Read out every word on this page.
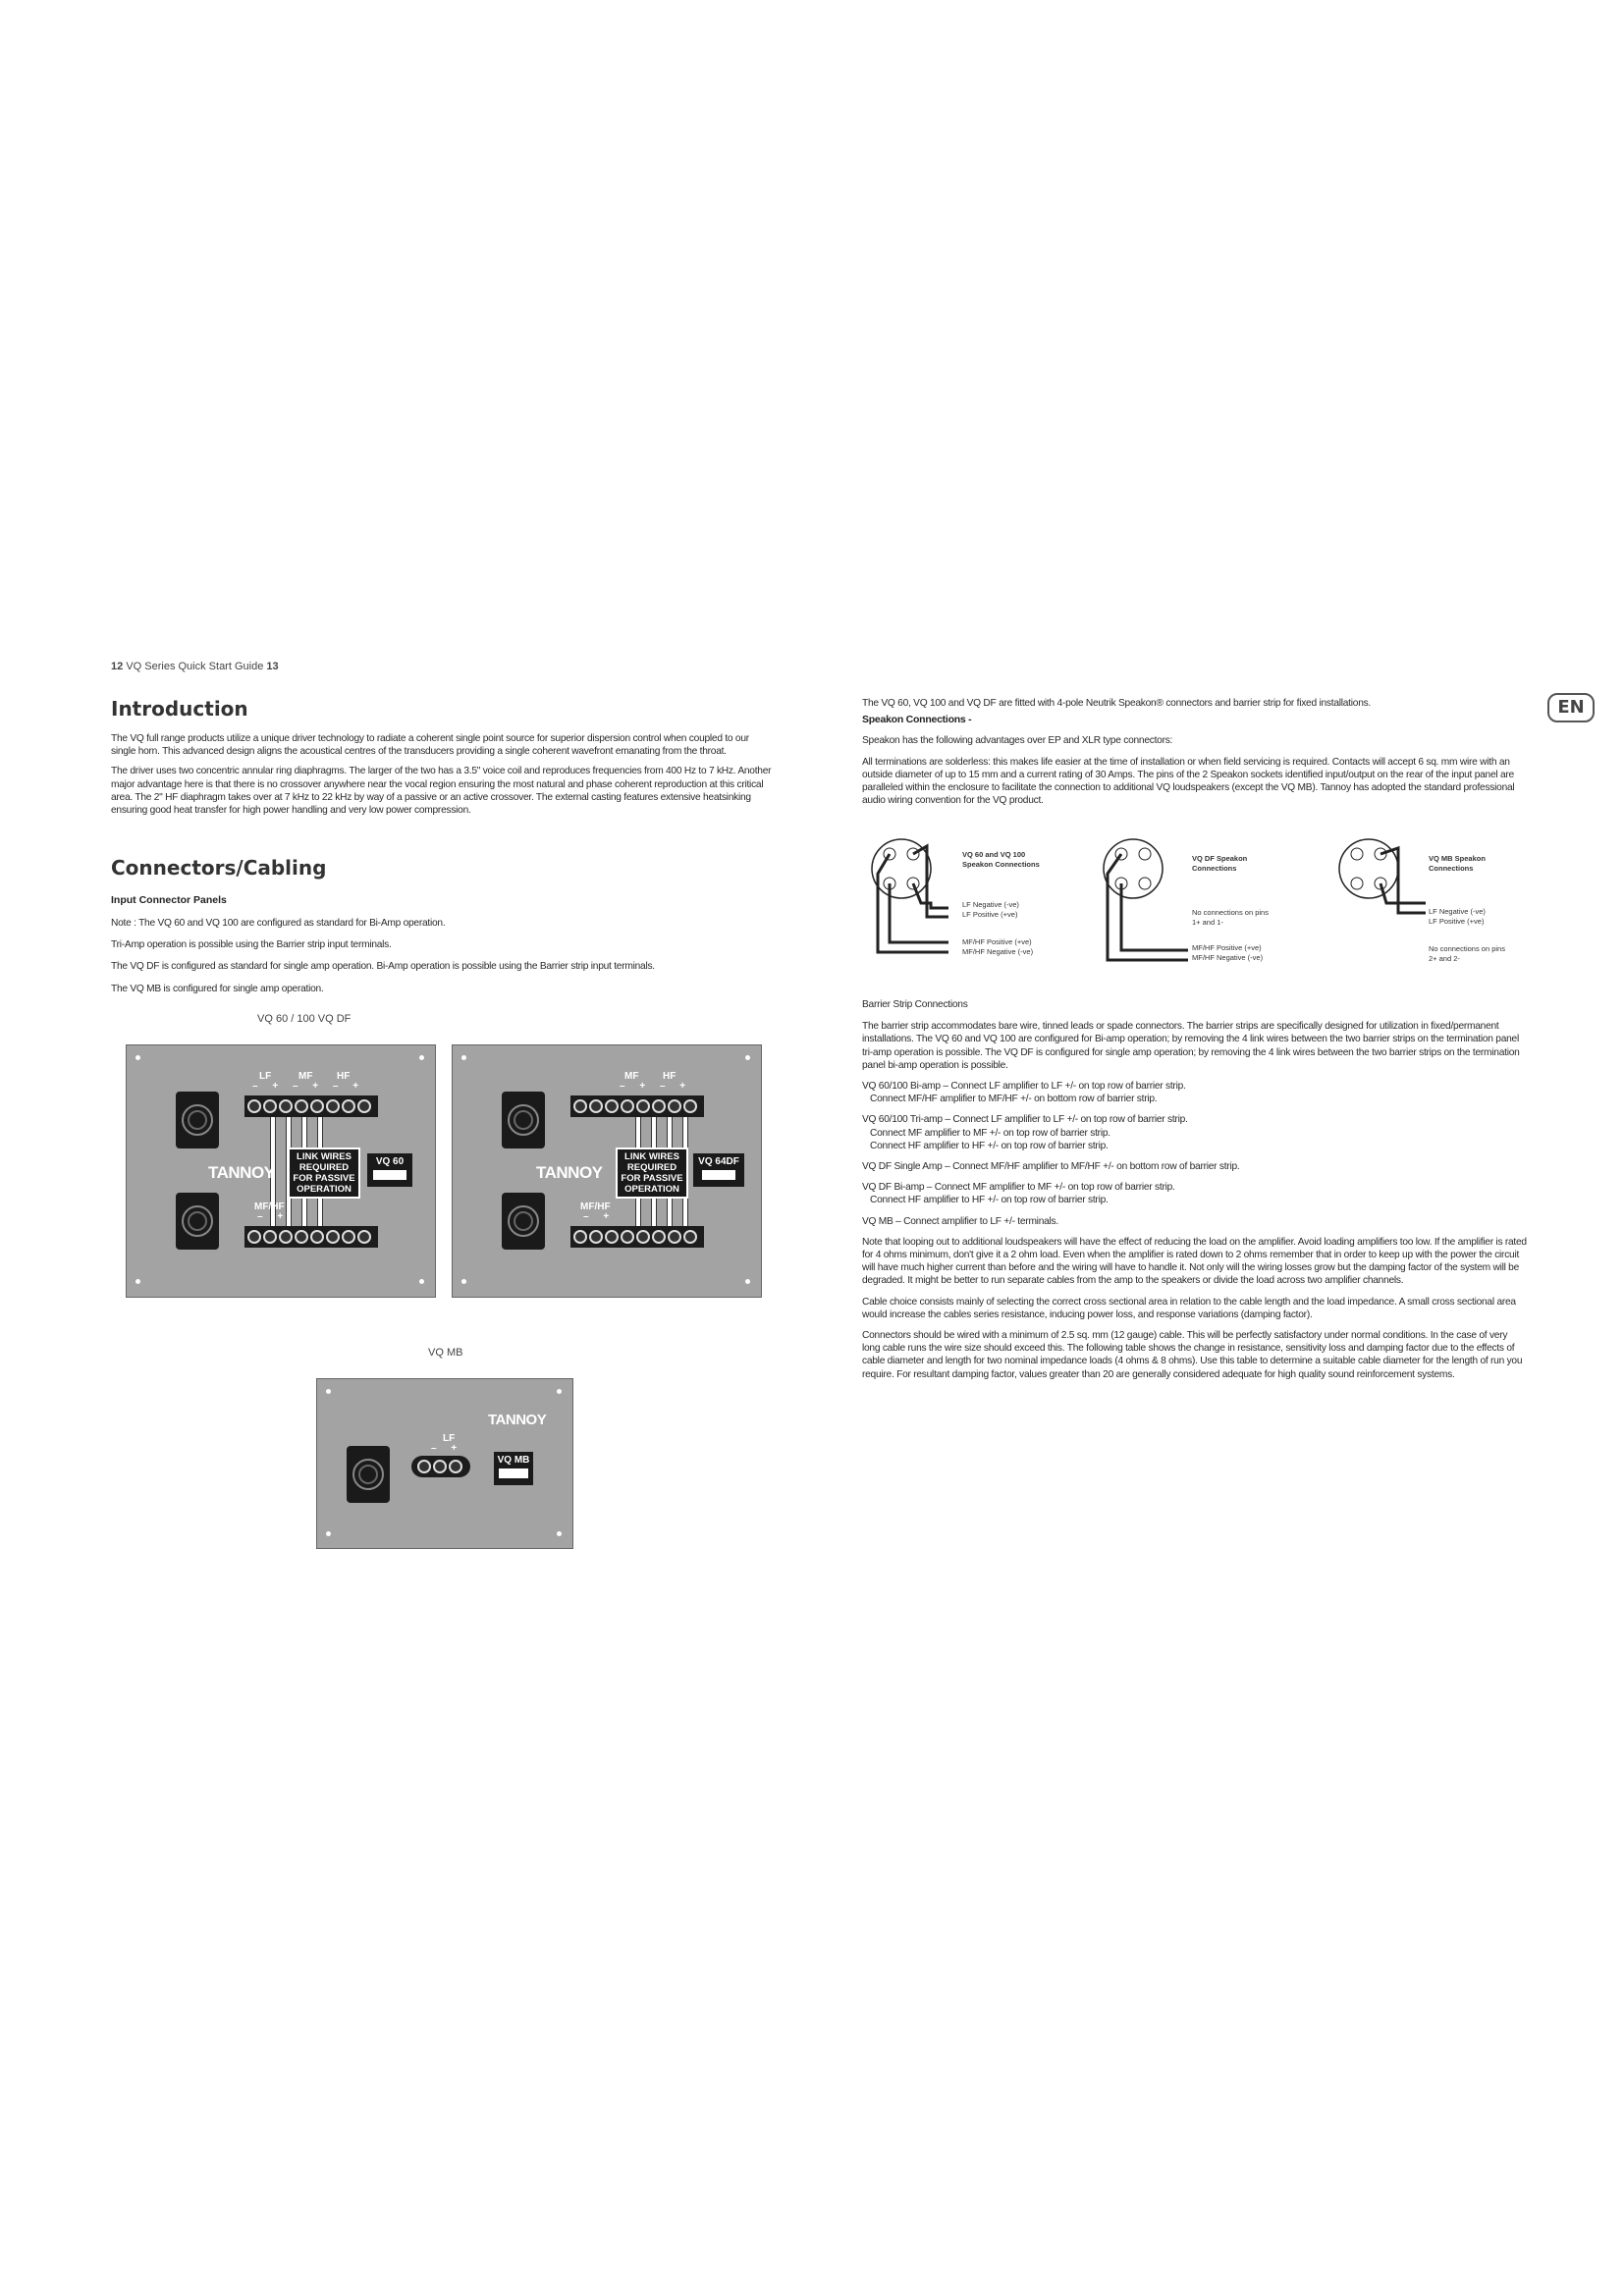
12 VQ Series Quick Start Guide 13
EN
Introduction

The VQ full range products utilize a unique driver technology to radiate a coherent single point source for superior dispersion control when coupled to our single horn. This advanced design aligns the acoustical centres of the transducers providing a single coherent wavefront emanating from the throat.

The driver uses two concentric annular ring diaphragms. The larger of the two has a 3.5" voice coil and reproduces frequencies from 400 Hz to 7 kHz. Another major advantage here is that there is no crossover anywhere near the vocal region ensuring the most natural and phase coherent reproduction at this critical area. The 2" HF diaphragm takes over at 7 kHz to 22 kHz by way of a passive or an active crossover. The external casting features extensive heatsinking ensuring good heat transfer for high power handling and very low power compression.

Connectors/Cabling
Input Connector Panels

Note : The VQ 60 and VQ 100 are configured as standard for Bi-Amp operation.

Tri-Amp operation is possible using the Barrier strip input terminals.

The VQ DF is configured as standard for single amp operation. Bi-Amp operation is possible using the Barrier strip input terminals.

The VQ MB is configured for single amp operation.

VQ 60 / 100 VQ DF
LF	MF HF
– + – + – +
TANNOY
LINK WIRES
REQUIRED
FOR PASSIVE
OPERATION
VQ 60
MF/HF
– +
MF HF
– + – +
TANNOY
LINK WIRES
REQUIRED
FOR PASSIVE
OPERATION
VQ 64DF
MF/HF
– +
VQ MB
TANNOY
LF
– +
VQ MB

The VQ 60, VQ 100 and VQ DF are fitted with 4-pole Neutrik Speakon® connectors and barrier strip for fixed installations.

Speakon Connections -

Speakon has the following advantages over EP and XLR type connectors:

All terminations are solderless: this makes life easier at the time of installation or when field servicing is required. Contacts will accept 6 sq. mm wire with an outside diameter of up to 15 mm and a current rating of 30 Amps. The pins of the 2 Speakon sockets identified input/output on the rear of the input panel are paralleled within the enclosure to facilitate the connection to additional VQ loudspeakers (except the VQ MB). Tannoy has adopted the standard professional audio wiring convention for the VQ product.

VQ 60 and VQ 100
Speakon Connections
LF Negative (-ve)
LF Positive (+ve)
MF/HF Positive (+ve)
MF/HF Negative (-ve)
VQ DF Speakon
Connections
No connections on pins
1+ and 1-
MF/HF Positive (+ve)
MF/HF Negative (-ve)
VQ MB Speakon
Connections
LF Negative (-ve)
LF Positive (+ve)
No connections on pins
2+ and 2-

Barrier Strip Connections

The barrier strip accommodates bare wire, tinned leads or spade connectors. The barrier strips are specifically designed for utilization in fixed/permanent installations. The VQ 60 and VQ 100 are configured for Bi-amp operation; by removing the 4 link wires between the two barrier strips on the termination panel tri-amp operation is possible. The VQ DF is configured for single amp operation; by removing the 4 link wires between the two barrier strips on the termination panel bi-amp operation is possible.

VQ 60/100 Bi-amp – Connect LF amplifier to LF +/- on top row of barrier strip.

Connect MF/HF amplifier to MF/HF +/- on bottom row of barrier strip.

VQ 60/100 Tri-amp – Connect LF amplifier to LF +/- on top row of barrier strip.

Connect MF amplifier to MF +/- on top row of barrier strip.

Connect HF amplifier to HF +/- on top row of barrier strip.

VQ DF Single Amp – Connect MF/HF amplifier to MF/HF +/- on bottom row of barrier strip.

VQ DF Bi-amp – Connect MF amplifier to MF +/- on top row of barrier strip.

Connect HF amplifier to HF +/- on top row of barrier strip.

VQ MB – Connect amplifier to LF +/- terminals.

Note that looping out to additional loudspeakers will have the effect of reducing the load on the amplifier. Avoid loading amplifiers too low. If the amplifier is rated for 4 ohms minimum, don't give it a 2 ohm load. Even when the amplifier is rated down to 2 ohms remember that in order to keep up with the power the circuit will have much higher current than before and the wiring will have to handle it. Not only will the wiring losses grow but the damping factor of the system will be degraded. It might be better to run separate cables from the amp to the speakers or divide the load across two amplifier channels.

Cable choice consists mainly of selecting the correct cross sectional area in relation to the cable length and the load impedance. A small cross sectional area would increase the cables series resistance, inducing power loss, and response variations (damping factor).

Connectors should be wired with a minimum of 2.5 sq. mm (12 gauge) cable. This will be perfectly satisfactory under normal conditions. In the case of very long cable runs the wire size should exceed this. The following table shows the change in resistance, sensitivity loss and damping factor due to the effects of cable diameter and length for two nominal impedance loads (4 ohms & 8 ohms). Use this table to determine a suitable cable diameter for the length of run you require. For resultant damping factor, values greater than 20 are generally considered adequate for high quality sound reinforcement systems.
